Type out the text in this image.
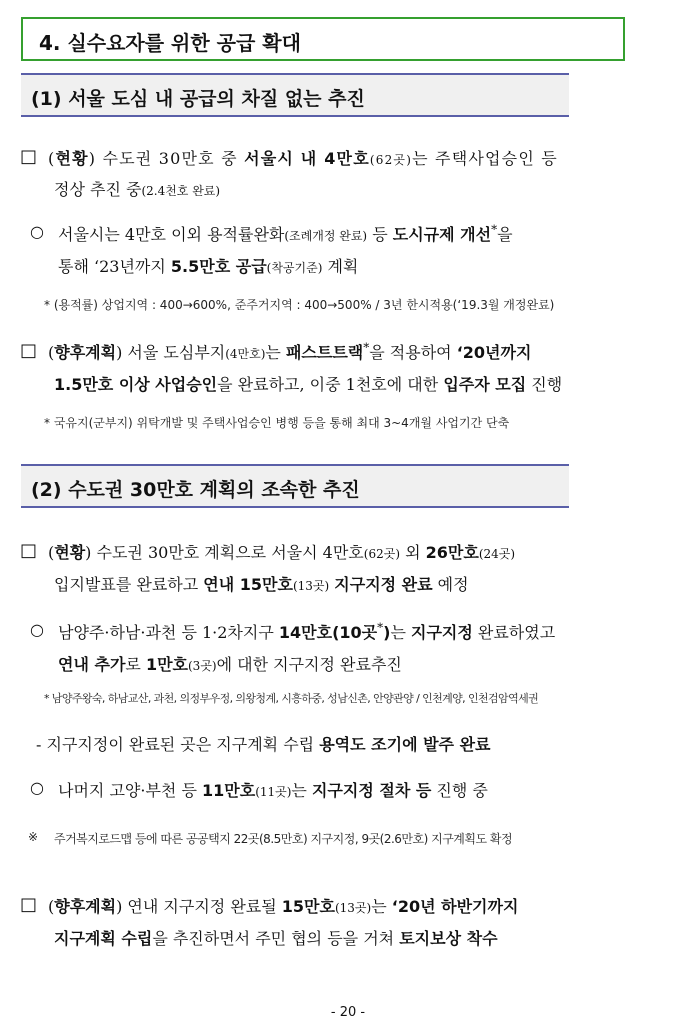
4. 실수요자를 위한 공급 확대
(1) 서울 도심 내 공급의 차질 없는 추진
□ (현황) 수도권 30만호 중 서울시 내 4만호(62곳)는 주택사업승인 등
정상 추진 중(2.4천호 완료)
○ 서울시는 4만호 이외 용적률완화(조례개정 완료) 등 도시규제 개선*을
통해 ‘23년까지 5.5만호 공급(착공기준) 계획
* (용적률) 상업지역 : 400→600%, 준주거지역 : 400→500% / 3년 한시적용(‘19.3월 개정완료)
□ (향후계획) 서울 도심부지(4만호)는 패스트트랙*을 적용하여 ‘20년까지
1.5만호 이상 사업승인을 완료하고, 이중 1천호에 대한 입주자 모집 진행
* 국유지(군부지) 위탁개발 및 주택사업승인 병행 등을 통해 최대 3~4개월 사업기간 단축
(2) 수도권 30만호 계획의 조속한 추진
□ (현황) 수도권 30만호 계획으로 서울시 4만호(62곳) 외 26만호(24곳)
입지발표를 완료하고 연내 15만호(13곳) 지구지정 완료 예정
○ 남양주·하남·과천 등 1·2차지구 14만호(10곳*)는 지구지정 완료하였고
연내 추가로 1만호(3곳)에 대한 지구지정 완료추진
* 남양주왕숙, 하남교산, 과천, 의정부우정, 의왕청계, 시흥하중, 성남신촌, 안양관양 / 인천계양, 인천검암역세권
- 지구지정이 완료된 곳은 지구계획 수립 용역도 조기에 발주 완료
○ 나머지 고양·부천 등 11만호(11곳)는 지구지정 절차 등 진행 중
※ 주거복지로드맵 등에 따른 공공택지 22곳(8.5만호) 지구지정, 9곳(2.6만호) 지구계획도 확정
□ (향후계획) 연내 지구지정 완료될 15만호(13곳)는 ‘20년 하반기까지
지구계획 수립을 추진하면서 주민 협의 등을 거쳐 토지보상 착수
- 20 -
